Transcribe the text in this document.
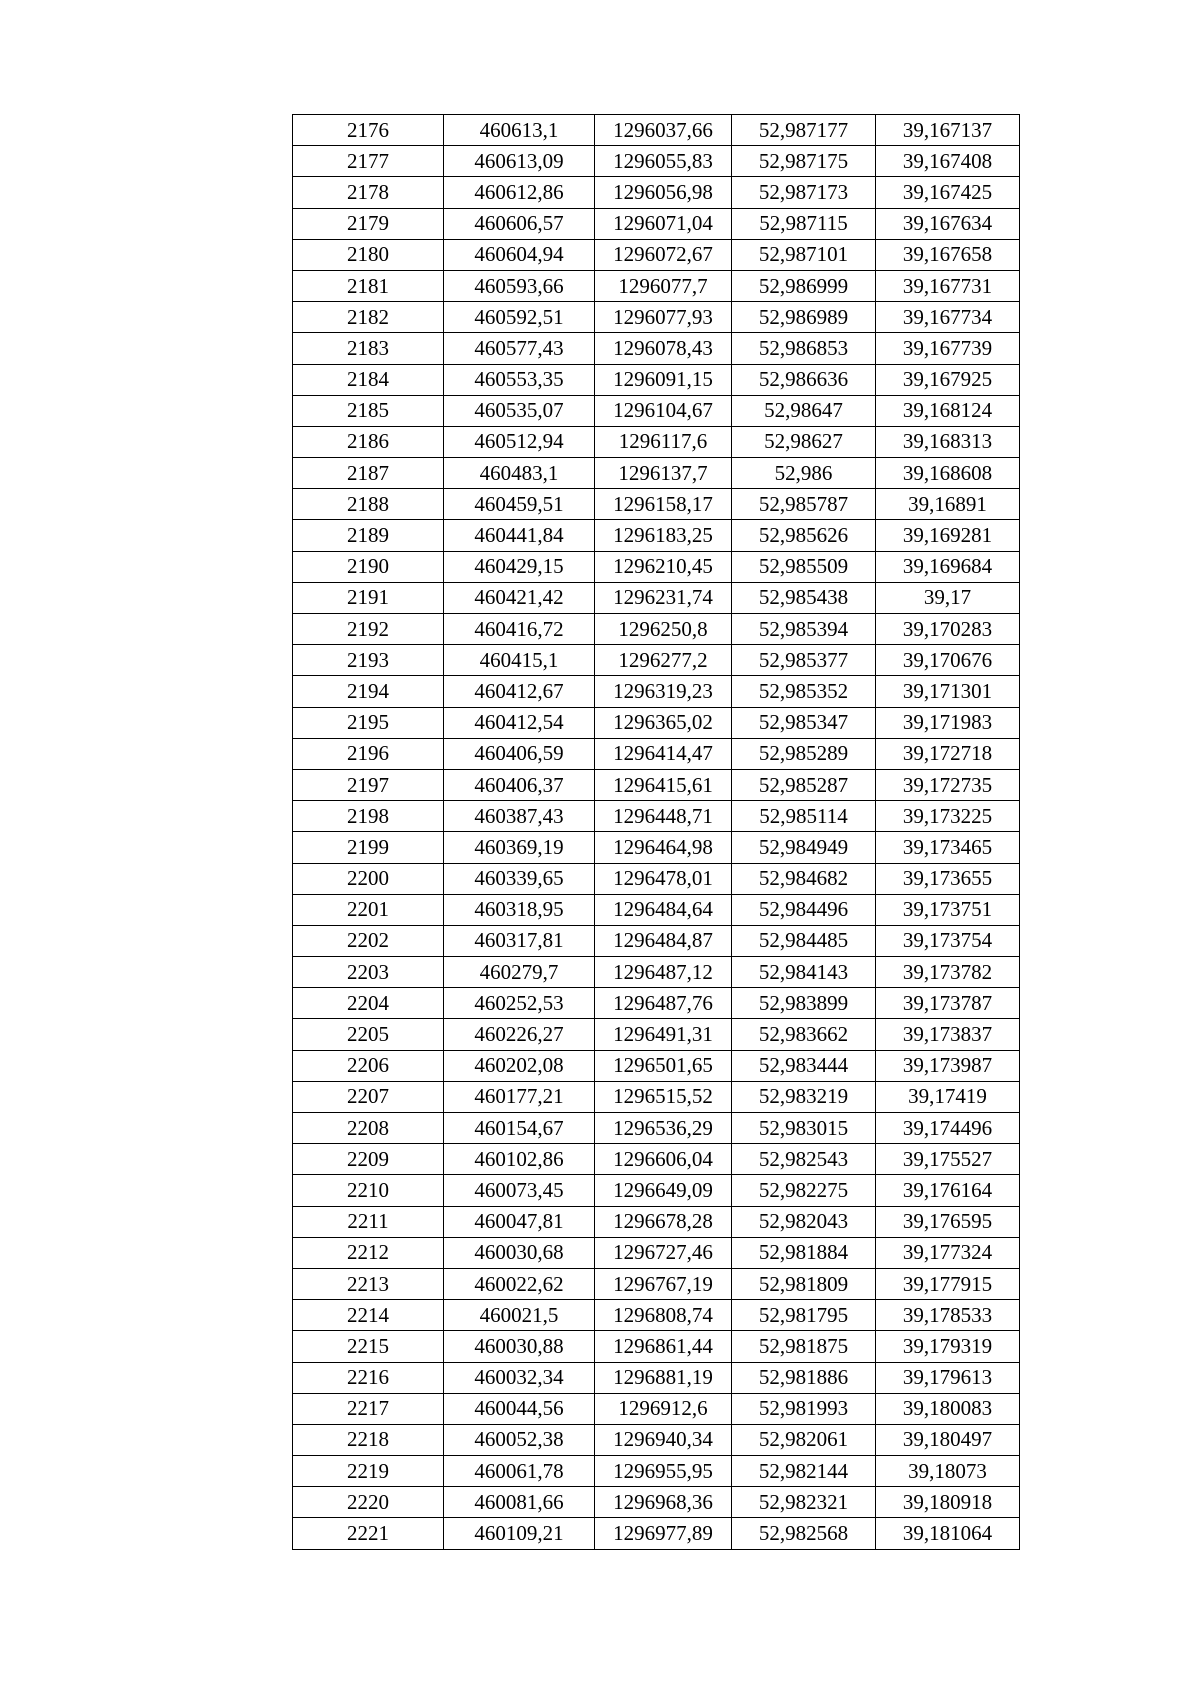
2176	460613,1	1296037,66	52,987177	39,167137
2177	460613,09	1296055,83	52,987175	39,167408
2178	460612,86	1296056,98	52,987173	39,167425
2179	460606,57	1296071,04	52,987115	39,167634
2180	460604,94	1296072,67	52,987101	39,167658
2181	460593,66	1296077,7	52,986999	39,167731
2182	460592,51	1296077,93	52,986989	39,167734
2183	460577,43	1296078,43	52,986853	39,167739
2184	460553,35	1296091,15	52,986636	39,167925
2185	460535,07	1296104,67	52,98647	39,168124
2186	460512,94	1296117,6	52,98627	39,168313
2187	460483,1	1296137,7	52,986	39,168608
2188	460459,51	1296158,17	52,985787	39,16891
2189	460441,84	1296183,25	52,985626	39,169281
2190	460429,15	1296210,45	52,985509	39,169684
2191	460421,42	1296231,74	52,985438	39,17
2192	460416,72	1296250,8	52,985394	39,170283
2193	460415,1	1296277,2	52,985377	39,170676
2194	460412,67	1296319,23	52,985352	39,171301
2195	460412,54	1296365,02	52,985347	39,171983
2196	460406,59	1296414,47	52,985289	39,172718
2197	460406,37	1296415,61	52,985287	39,172735
2198	460387,43	1296448,71	52,985114	39,173225
2199	460369,19	1296464,98	52,984949	39,173465
2200	460339,65	1296478,01	52,984682	39,173655
2201	460318,95	1296484,64	52,984496	39,173751
2202	460317,81	1296484,87	52,984485	39,173754
2203	460279,7	1296487,12	52,984143	39,173782
2204	460252,53	1296487,76	52,983899	39,173787
2205	460226,27	1296491,31	52,983662	39,173837
2206	460202,08	1296501,65	52,983444	39,173987
2207	460177,21	1296515,52	52,983219	39,17419
2208	460154,67	1296536,29	52,983015	39,174496
2209	460102,86	1296606,04	52,982543	39,175527
2210	460073,45	1296649,09	52,982275	39,176164
2211	460047,81	1296678,28	52,982043	39,176595
2212	460030,68	1296727,46	52,981884	39,177324
2213	460022,62	1296767,19	52,981809	39,177915
2214	460021,5	1296808,74	52,981795	39,178533
2215	460030,88	1296861,44	52,981875	39,179319
2216	460032,34	1296881,19	52,981886	39,179613
2217	460044,56	1296912,6	52,981993	39,180083
2218	460052,38	1296940,34	52,982061	39,180497
2219	460061,78	1296955,95	52,982144	39,18073
2220	460081,66	1296968,36	52,982321	39,180918
2221	460109,21	1296977,89	52,982568	39,181064
